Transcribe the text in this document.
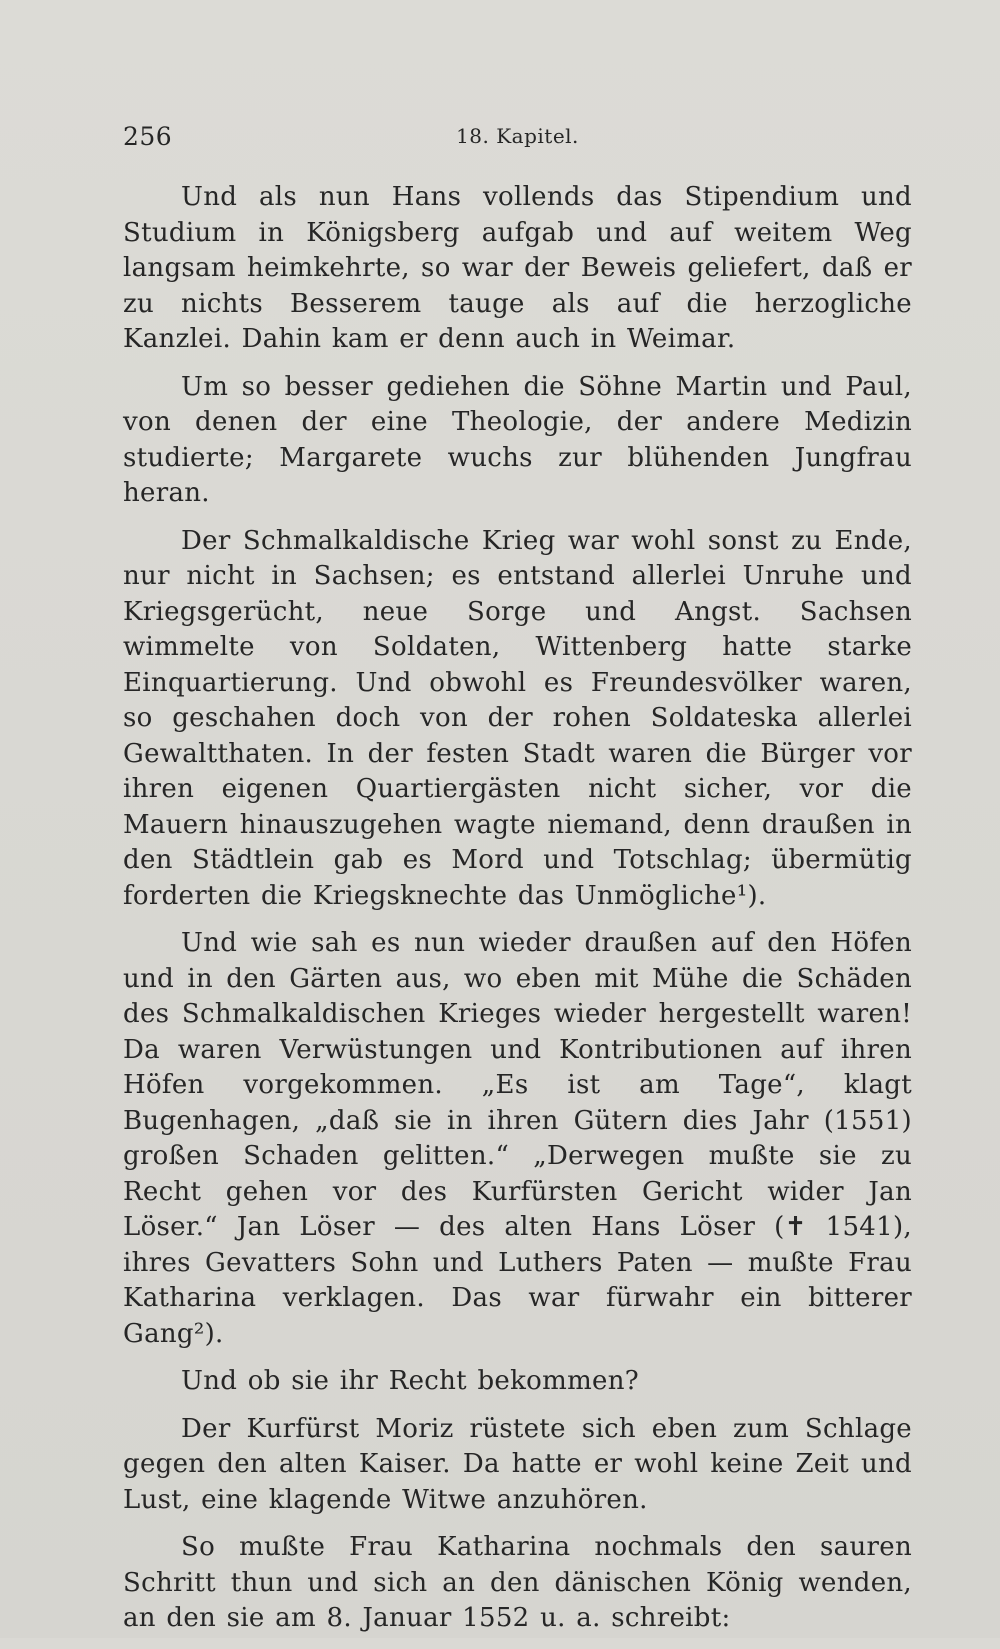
256	18. Kapitel.

Und als nun Hans vollends das Stipendium und Studium in Königsberg aufgab und auf weitem Weg langsam heimkehrte, so war der Beweis geliefert, daß er zu nichts Besserem tauge als auf die herzogliche Kanzlei. Dahin kam er denn auch in Weimar.

Um so besser gediehen die Söhne Martin und Paul, von denen der eine Theologie, der andere Medizin studierte; Margarete wuchs zur blühenden Jungfrau heran.

Der Schmalkaldische Krieg war wohl sonst zu Ende, nur nicht in Sachsen; es entstand allerlei Unruhe und Kriegsgerücht, neue Sorge und Angst. Sachsen wimmelte von Soldaten, Wittenberg hatte starke Einquartierung. Und obwohl es Freundesvölker waren, so geschahen doch von der rohen Soldateska allerlei Gewaltthaten. In der festen Stadt waren die Bürger vor ihren eigenen Quartiergästen nicht sicher, vor die Mauern hinauszugehen wagte niemand, denn draußen in den Städtlein gab es Mord und Totschlag; übermütig forderten die Kriegsknechte das Unmögliche¹).

Und wie sah es nun wieder draußen auf den Höfen und in den Gärten aus, wo eben mit Mühe die Schäden des Schmalkaldischen Krieges wieder hergestellt waren! Da waren Verwüstungen und Kontributionen auf ihren Höfen vorgekommen. „Es ist am Tage“, klagt Bugenhagen, „daß sie in ihren Gütern dies Jahr (1551) großen Schaden gelitten.“ „Derwegen mußte sie zu Recht gehen vor des Kurfürsten Gericht wider Jan Löser.“ Jan Löser — des alten Hans Löser (✝ 1541), ihres Gevatters Sohn und Luthers Paten — mußte Frau Katharina verklagen. Das war fürwahr ein bitterer Gang²).

Und ob sie ihr Recht bekommen?

Der Kurfürst Moriz rüstete sich eben zum Schlage gegen den alten Kaiser. Da hatte er wohl keine Zeit und Lust, eine klagende Witwe anzuhören.

So mußte Frau Katharina nochmals den sauren Schritt thun und sich an den dänischen König wenden, an den sie am 8. Januar 1552 u. a. schreibt:
